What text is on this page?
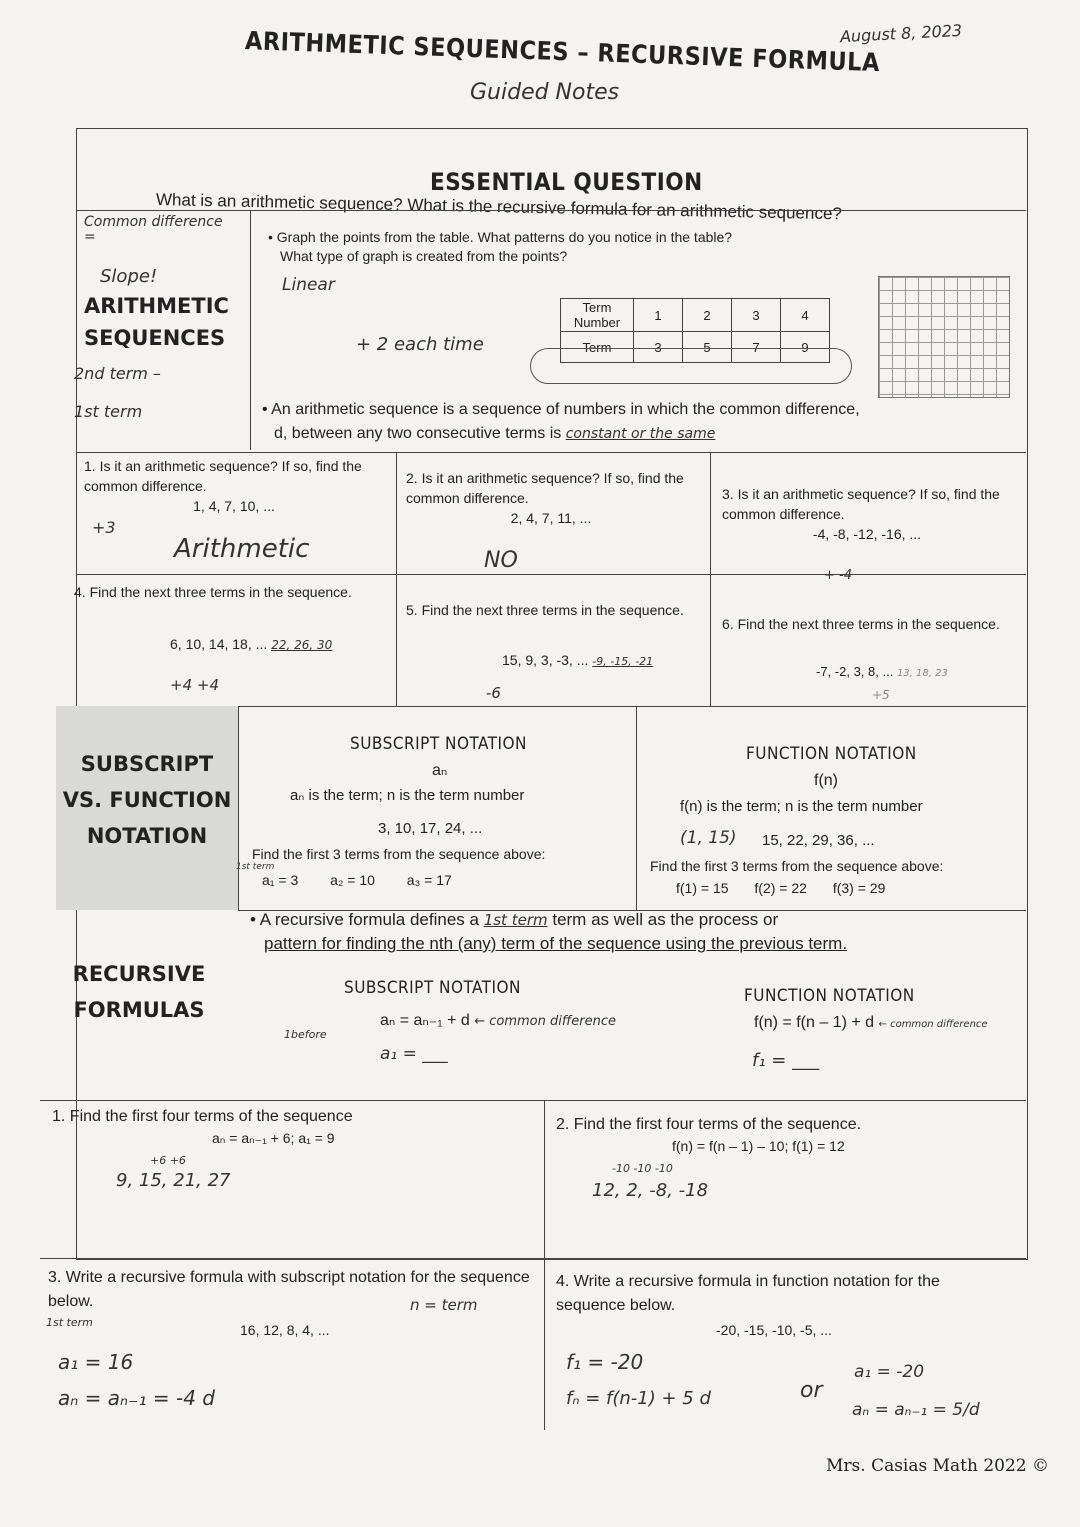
August 8, 2023
ARITHMETIC SEQUENCES – RECURSIVE FORMULA
Guided Notes
ESSENTIAL QUESTION
What is an arithmetic sequence? What is the recursive formula for an arithmetic sequence?
Common difference =
Slope!
ARITHMETIC
SEQUENCES
2nd term –
1st term
• Graph the points from the table. What patterns do you notice in the table?
What type of graph is created from the points?
Linear
+ 2 each time
Term Number	1	2	3	4
Term	3	5	7	9
• An arithmetic sequence is a sequence of numbers in which the common difference,
d, between any two consecutive terms is constant or the same
1. Is it an arithmetic sequence? If so, find the common difference.
1, 4, 7, 10, ...
+3
Arithmetic
2. Is it an arithmetic sequence? If so, find the common difference.
2, 4, 7, 11, ...
NO
3. Is it an arithmetic sequence? If so, find the common difference.
-4, -8, -12, -16, ...
+ -4
4. Find the next three terms in the sequence.
6, 10, 14, 18, ... 22, 26, 30
+4 +4
5. Find the next three terms in the sequence.
15, 9, 3, -3, ... -9, -15, -21
-6
6. Find the next three terms in the sequence.
-7, -2, 3, 8, ... 13, 18, 23
+5
SUBSCRIPT
VS. FUNCTION
NOTATION
SUBSCRIPT NOTATION
aₙ
aₙ is the term; n is the term number
3, 10, 17, 24, ...
Find the first 3 terms from the sequence above:
1st term
a₁ = 3 a₂ = 10 a₃ = 17
FUNCTION NOTATION
f(n)
f(n) is the term; n is the term number
(1, 15) 15, 22, 29, 36, ...
Find the first 3 terms from the sequence above:
f(1) = 15 f(2) = 22 f(3) = 29
RECURSIVE
FORMULAS
• A recursive formula defines a 1st term term as well as the process or
pattern for finding the nth (any) term of the sequence using the previous term.
SUBSCRIPT NOTATION
aₙ = aₙ₋₁ + d ← common difference
1before
a₁ = ___
FUNCTION NOTATION
f(n) = f(n – 1) + d ← common difference
f₁ = ___
1. Find the first four terms of the sequence
aₙ = aₙ₋₁ + 6; a₁ = 9
+6 +6
9, 15, 21, 27
2. Find the first four terms of the sequence.
f(n) = f(n – 1) – 10; f(1) = 12
-10 -10 -10
12, 2, -8, -18
3. Write a recursive formula with subscript notation for the sequence below.	n = term
1st term	16, 12, 8, 4, ...
a₁ = 16
aₙ = aₙ₋₁ = -4 d
4. Write a recursive formula in function notation for the sequence below.
-20, -15, -10, -5, ...
f₁ = -20
fₙ = f(n-1) + 5 d	or
a₁ = -20
aₙ = aₙ₋₁ = 5/d
Mrs. Casias Math 2022 ©
